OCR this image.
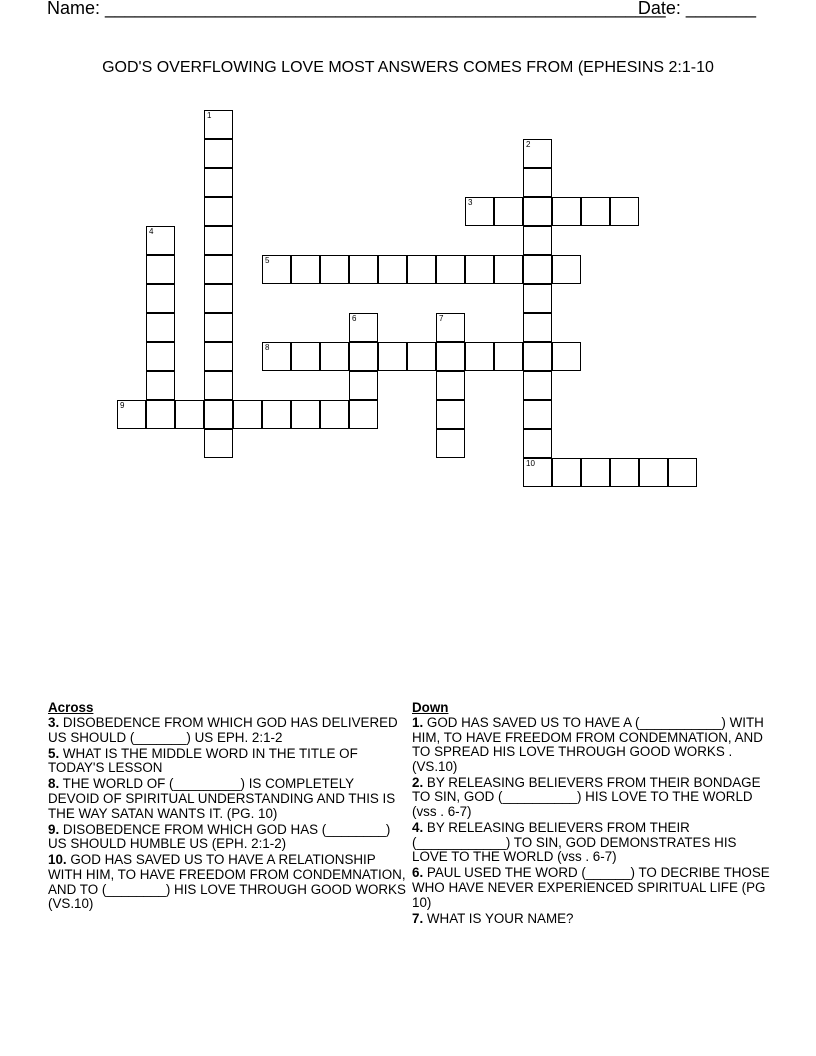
Name: ________________________________________________________
Date: _______
GOD'S OVERFLOWING LOVE MOST ANSWERS COMES FROM (EPHESINS 2:1-10
1
2
3
4
5
6	7
8
9
10
Across
3. DISOBEDENCE FROM WHICH GOD HAS DELIVERED US SHOULD (_______) US EPH. 2:1-2
5. WHAT IS THE MIDDLE WORD IN THE TITLE OF TODAY'S LESSON
8. THE WORLD OF (_________) IS COMPLETELY DEVOID OF SPIRITUAL UNDERSTANDING AND THIS IS THE WAY SATAN WANTS IT. (PG. 10)
9. DISOBEDENCE FROM WHICH GOD HAS (________) US SHOULD HUMBLE US (EPH. 2:1-2)
10. GOD HAS SAVED US TO HAVE A RELATIONSHIP WITH HIM, TO HAVE FREEDOM FROM CONDEMNATION, AND TO (________) HIS LOVE THROUGH GOOD WORKS (VS.10)
Down
1. GOD HAS SAVED US TO HAVE A (___________) WITH HIM, TO HAVE FREEDOM FROM CONDEMNATION, AND TO SPREAD HIS LOVE THROUGH GOOD WORKS . (VS.10)
2. BY RELEASING BELIEVERS FROM THEIR BONDAGE TO SIN, GOD (__________) HIS LOVE TO THE WORLD (vss . 6-7)
4. BY RELEASING BELIEVERS FROM THEIR (____________) TO SIN, GOD DEMONSTRATES HIS LOVE TO THE WORLD (vss . 6-7)
6. PAUL USED THE WORD (______) TO DECRIBE THOSE WHO HAVE NEVER EXPERIENCED SPIRITUAL LIFE (PG 10)
7. WHAT IS YOUR NAME?
